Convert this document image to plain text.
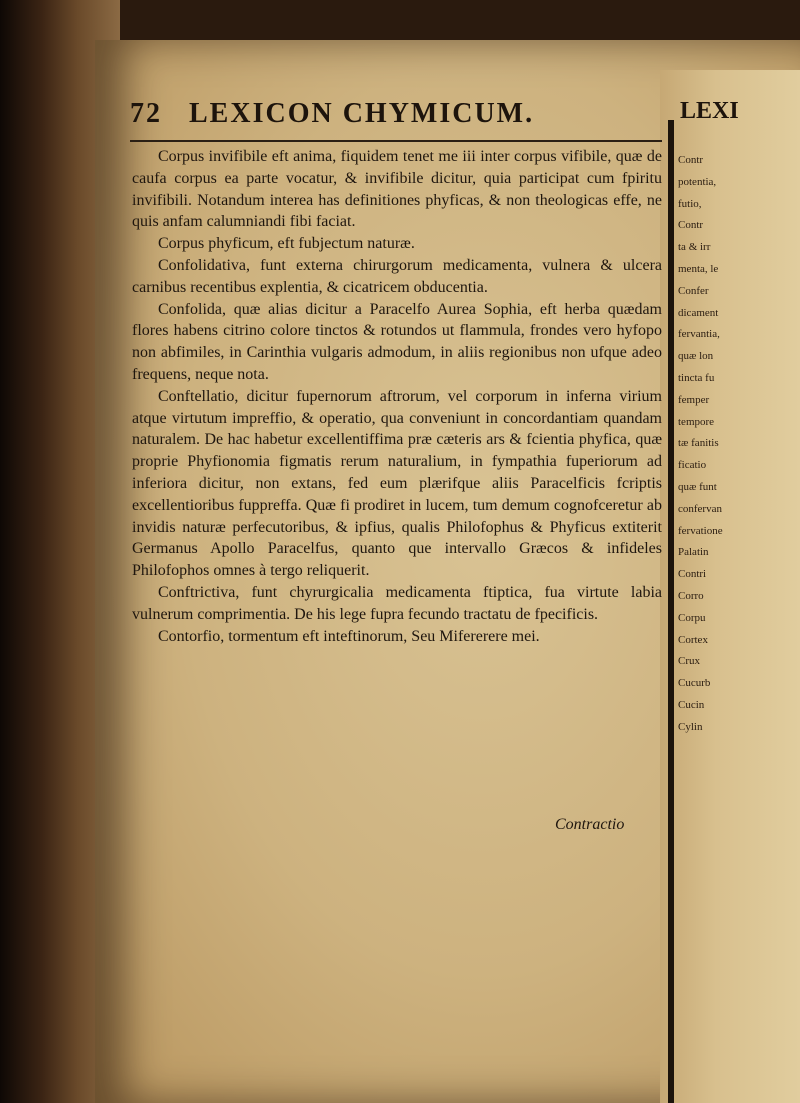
72 LEXICON CHYMICUM.	LEXI

Corpus invifibile eft anima, fiquidem tenet me iii inter corpus vifibile, quæ de caufa corpus ea parte vocatur, & invifibile dicitur, quia participat cum fpiritu invifibili. Notandum interea has definitiones phyficas, & non theologicas effe, ne quis anfam calumniandi fibi faciat.

Corpus phyficum, eft fubjectum naturæ.

Confolidativa, funt externa chirurgorum medicamenta, vulnera & ulcera carnibus recentibus explentia, & cicatricem obducentia.

Confolida, quæ alias dicitur a Paracelfo Aurea Sophia, eft herba quædam flores habens citrino colore tinctos & rotundos ut flammula, frondes vero hyfopo non abfimiles, in Carinthia vulgaris admodum, in aliis regionibus non ufque adeo frequens, neque nota.

Conftellatio, dicitur fupernorum aftrorum, vel corporum in inferna virium atque virtutum impreffio, & operatio, qua conveniunt in concordantiam quandam naturalem. De hac habetur excellentiffima præ cæteris ars & fcientia phyfica, quæ proprie Phyfionomia figmatis rerum naturalium, in fympathia fuperiorum ad inferiora dicitur, non extans, fed eum plærifque aliis Paracelficis fcriptis excellentioribus fuppreffa. Quæ fi prodiret in lucem, tum demum cognofceretur ab invidis naturæ perfecutoribus, & ipfius, qualis Philofophus & Phyficus extiterit Germanus Apollo Paracelfus, quanto que intervallo Græcos & infideles Philofophos omnes à tergo reliquerit.

Conftrictiva, funt chyrurgicalia medicamenta ftiptica, fua virtute labia vulnerum comprimentia. De his lege fupra fecundo tractatu de fpecificis.

Contorfio, tormentum eft inteftinorum, Seu Mifererere mei.

Contractio
Contr
potentia,
futio,
Contr
ta & irr
menta, le
Confer
dicament
fervantia,
quæ lon
tincta fu
femper
tempore
tæ fanitis
ficatio
quæ funt
confervan
fervatione
Palatin
Contri
Corro
Corpu
Cortex
Crux
Cucurb
Cucin
Cylin
